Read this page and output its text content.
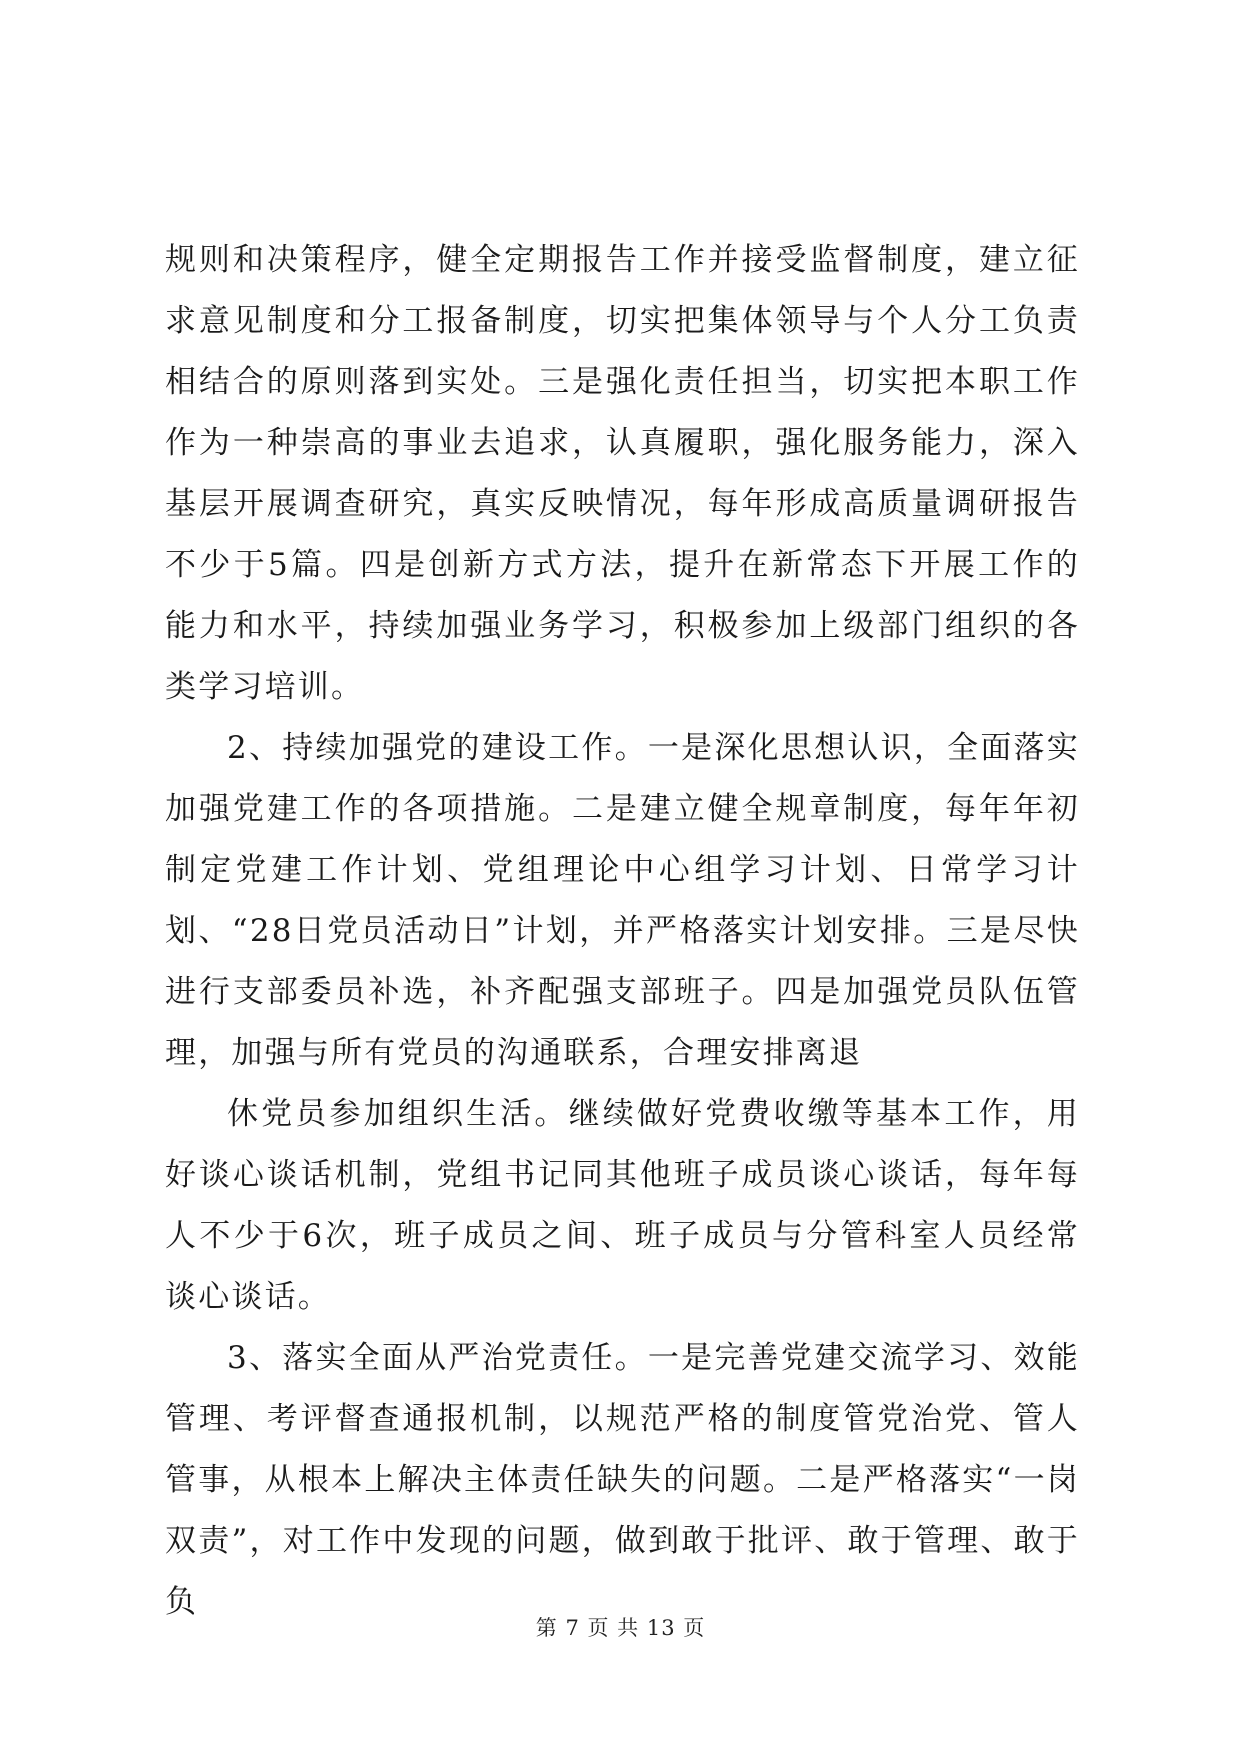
规则和决策程序，健全定期报告工作并接受监督制度，建立征求意见制度和分工报备制度，切实把集体领导与个人分工负责相结合的原则落到实处。三是强化责任担当，切实把本职工作作为一种崇高的事业去追求，认真履职，强化服务能力，深入基层开展调查研究，真实反映情况，每年形成高质量调研报告不少于5篇。四是创新方式方法，提升在新常态下开展工作的能力和水平，持续加强业务学习，积极参加上级部门组织的各类学习培训。

2、持续加强党的建设工作。一是深化思想认识，全面落实加强党建工作的各项措施。二是建立健全规章制度，每年年初制定党建工作计划、党组理论中心组学习计划、日常学习计划、“28日党员活动日”计划，并严格落实计划安排。三是尽快进行支部委员补选，补齐配强支部班子。四是加强党员队伍管理，加强与所有党员的沟通联系，合理安排离退

休党员参加组织生活。继续做好党费收缴等基本工作，用好谈心谈话机制，党组书记同其他班子成员谈心谈话，每年每人不少于6次，班子成员之间、班子成员与分管科室人员经常谈心谈话。

3、落实全面从严治党责任。一是完善党建交流学习、效能管理、考评督查通报机制，以规范严格的制度管党治党、管人管事，从根本上解决主体责任缺失的问题。二是严格落实“一岗双责”，对工作中发现的问题，做到敢于批评、敢于管理、敢于负

第 7 页 共 13 页
